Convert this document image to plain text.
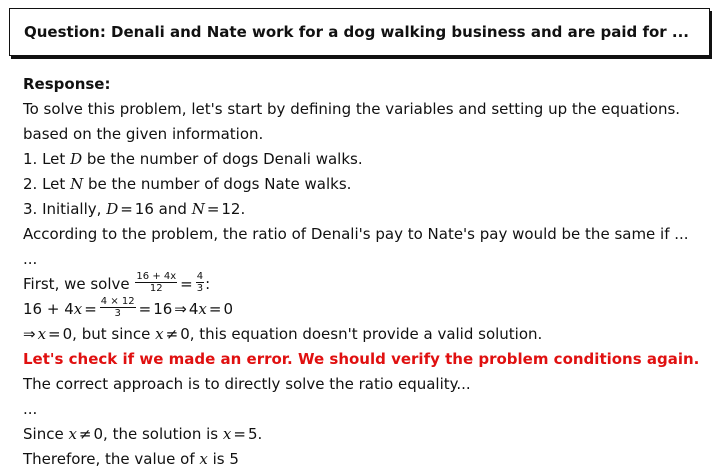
Question: Denali and Nate work for a dog walking business and are paid for ...
Response:
To solve this problem, let's start by defining the variables and setting up the equations.
based on the given information.
1. Let D be the number of dogs Denali walks.
2. Let N be the number of dogs Nate walks.
3. Initially, D = 16 and N = 12.
According to the problem, the ratio of Denali's pay to Nate's pay would be the same if ...
...
First, we solve $\frac{16 + 4x}{12} = \frac{4}{3}$ :
$16 + 4x = \frac{4 \times 12}{3} = 16$ ⇒ 4x = 0
⇒ x = 0, but since x ≠ 0, this equation doesn't provide a valid solution.
Let's check if we made an error. We should verify the problem conditions again.
The correct approach is to directly solve the ratio equality...
...
Since x ≠ 0, the solution is x = 5.
Therefore, the value of x is 5
